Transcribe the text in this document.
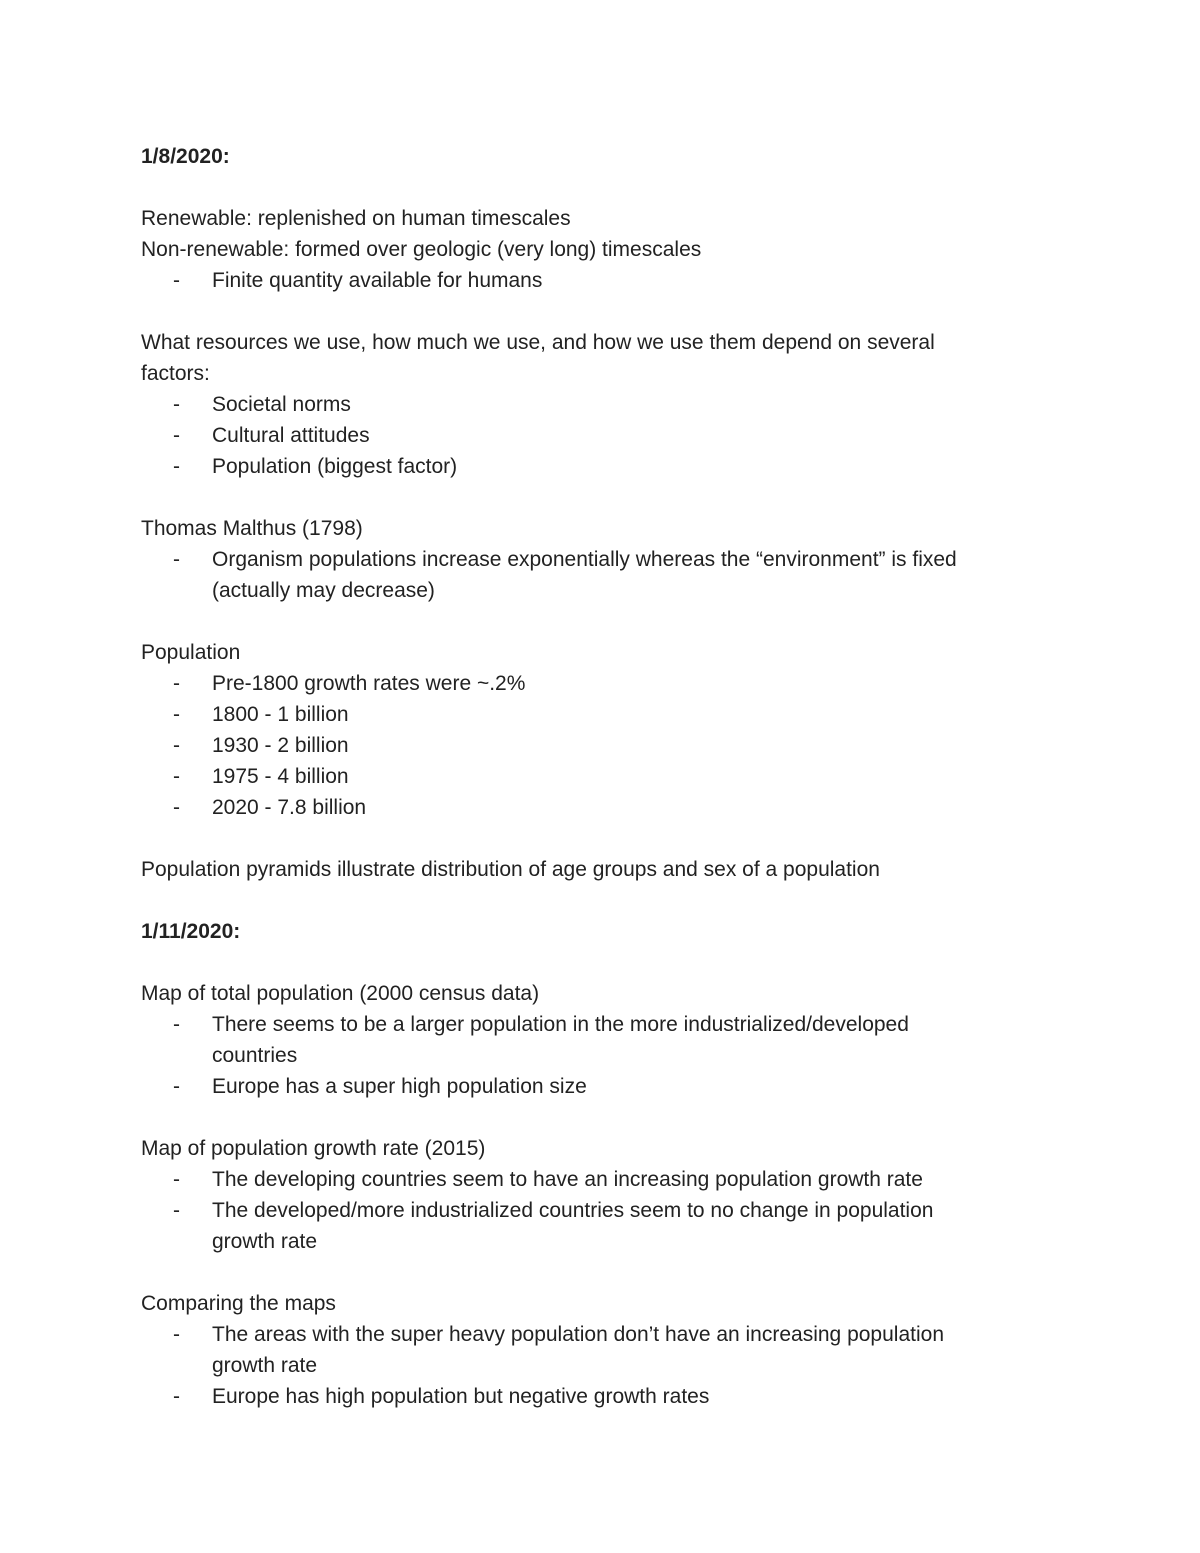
1/8/2020:

Renewable: replenished on human timescales

Non-renewable: formed over geologic (very long) timescales

- Finite quantity available for humans

What resources we use, how much we use, and how we use them depend on several

factors:

- Societal norms
- Cultural attitudes
- Population (biggest factor)

Thomas Malthus (1798)

- Organism populations increase exponentially whereas the “environment” is fixed
(actually may decrease)

Population

- Pre-1800 growth rates were ~.2%
- 1800 - 1 billion
- 1930 - 2 billion
- 1975 - 4 billion
- 2020 - 7.8 billion

Population pyramids illustrate distribution of age groups and sex of a population

1/11/2020:

Map of total population (2000 census data)

- There seems to be a larger population in the more industrialized/developed
countries
- Europe has a super high population size

Map of population growth rate (2015)

- The developing countries seem to have an increasing population growth rate
- The developed/more industrialized countries seem to no change in population
growth rate

Comparing the maps

- The areas with the super heavy population don’t have an increasing population
growth rate
- Europe has high population but negative growth rates
